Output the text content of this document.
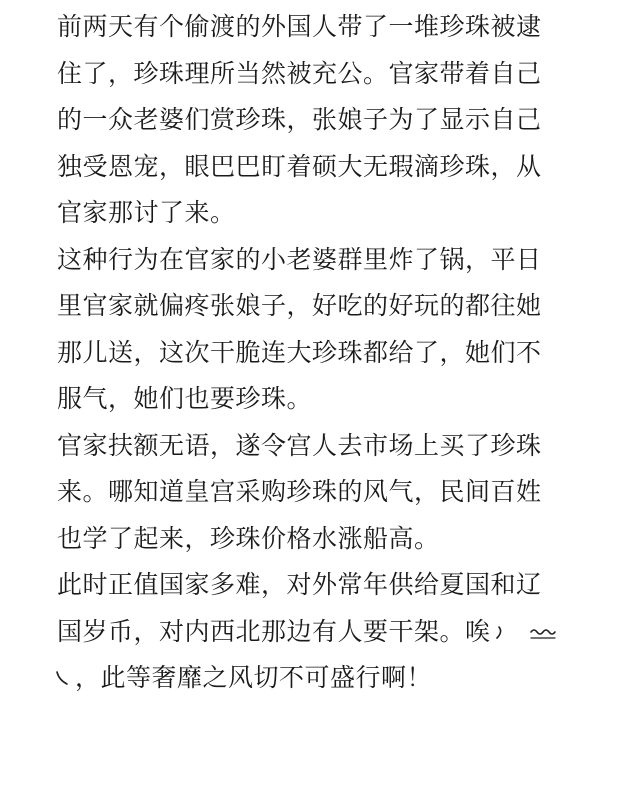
前两天有个偷渡的外国人带了一堆珍珠被逮
住了，珍珠理所当然被充公。官家带着自己
的一众老婆们赏珍珠，张娘子为了显示自己
独受恩宠，眼巴巴盯着硕大无瑕滴珍珠，从
官家那讨了来。
这种行为在官家的小老婆群里炸了锅，平日
里官家就偏疼张娘子，好吃的好玩的都往她
那儿送，这次干脆连大珍珠都给了，她们不
服气，她们也要珍珠。
官家扶额无语，遂令宫人去市场上买了珍珠
来。哪知道皇宫采购珍珠的风气，民间百姓
也学了起来，珍珠价格水涨船高。
此时正值国家多难，对外常年供给夏国和辽
国岁币，对内西北那边有人要干架。唉
，此等奢靡之风切不可盛行啊！
